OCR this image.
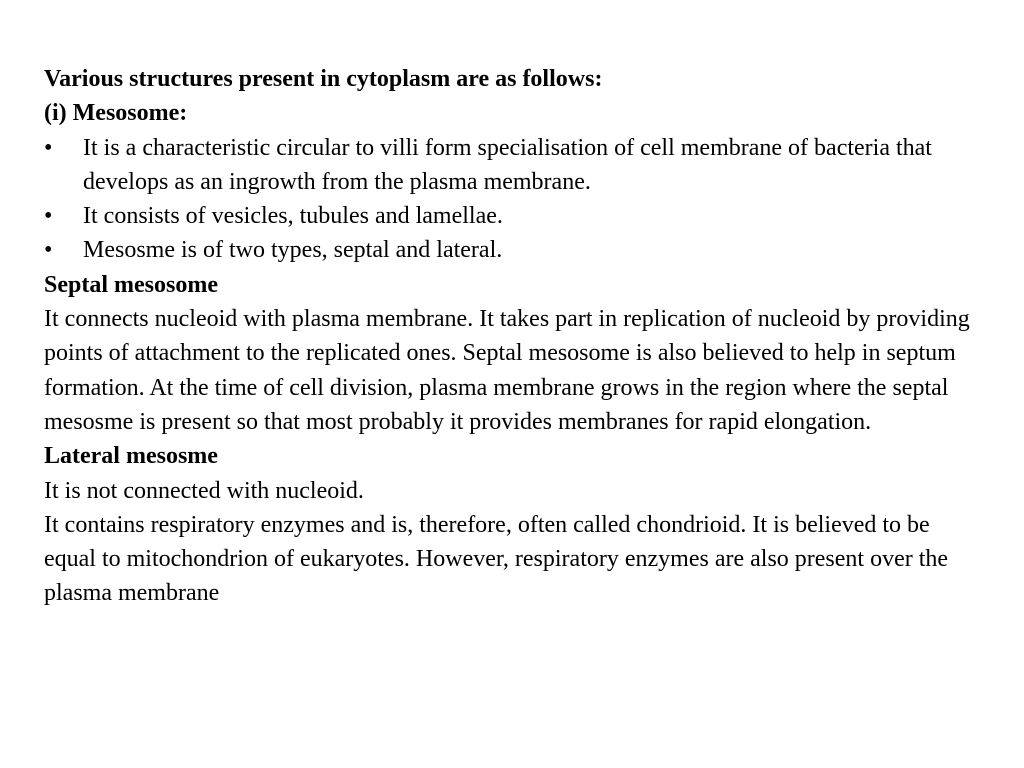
Various structures present in cytoplasm are as follows:
(i) Mesosome:
• It is a characteristic circular to villi form specialisation of cell membrane of bacteria that develops as an ingrowth from the plasma membrane.
• It consists of vesicles, tubules and lamellae.
• Mesosme is of two types, septal and lateral.
Septal mesosome

It connects nucleoid with plasma membrane. It takes part in replication of nucleoid by providing points of attachment to the replicated ones. Septal mesosome is also believed to help in septum formation. At the time of cell division, plasma membrane grows in the region where the septal mesosme is present so that most probably it provides membranes for rapid elongation.

Lateral mesosme

It is not connected with nucleoid.

It contains respiratory enzymes and is, therefore, often called chondrioid. It is believed to be equal to mitochondrion of eukaryotes. However, respiratory enzymes are also present over the plasma membrane
